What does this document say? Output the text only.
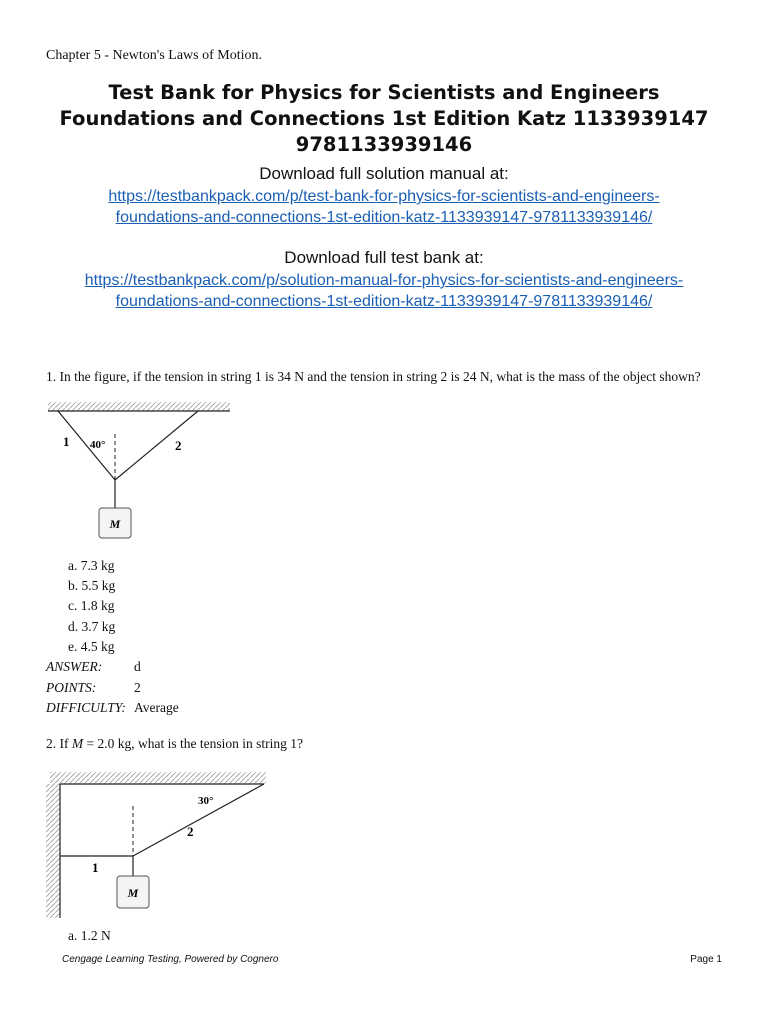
Chapter 5 - Newton's Laws of Motion.
Test Bank for Physics for Scientists and Engineers
Foundations and Connections 1st Edition Katz 1133939147
9781133939146
Download full solution manual at:
https://testbankpack.com/p/test-bank-for-physics-for-scientists-and-engineers-
foundations-and-connections-1st-edition-katz-1133939147-9781133939146/
Download full test bank at:
https://testbankpack.com/p/solution-manual-for-physics-for-scientists-and-engineers-
foundations-and-connections-1st-edition-katz-1133939147-9781133939146/
1. In the figure, if the tension in string 1 is 34 N and the tension in string 2 is 24 N, what is the mass of the object shown?
M
1	2
40°
a. 7.3 kg
b. 5.5 kg
c. 1.8 kg
d. 3.7 kg
e. 4.5 kg
ANSWER: d
POINTS:	2
DIFFICULTY: Average
2. If M = 2.0 kg, what is the tension in string 1?
M
1
2
30°
a. 1.2 N
Cengage Learning Testing, Powered by Cognero	Page 1
